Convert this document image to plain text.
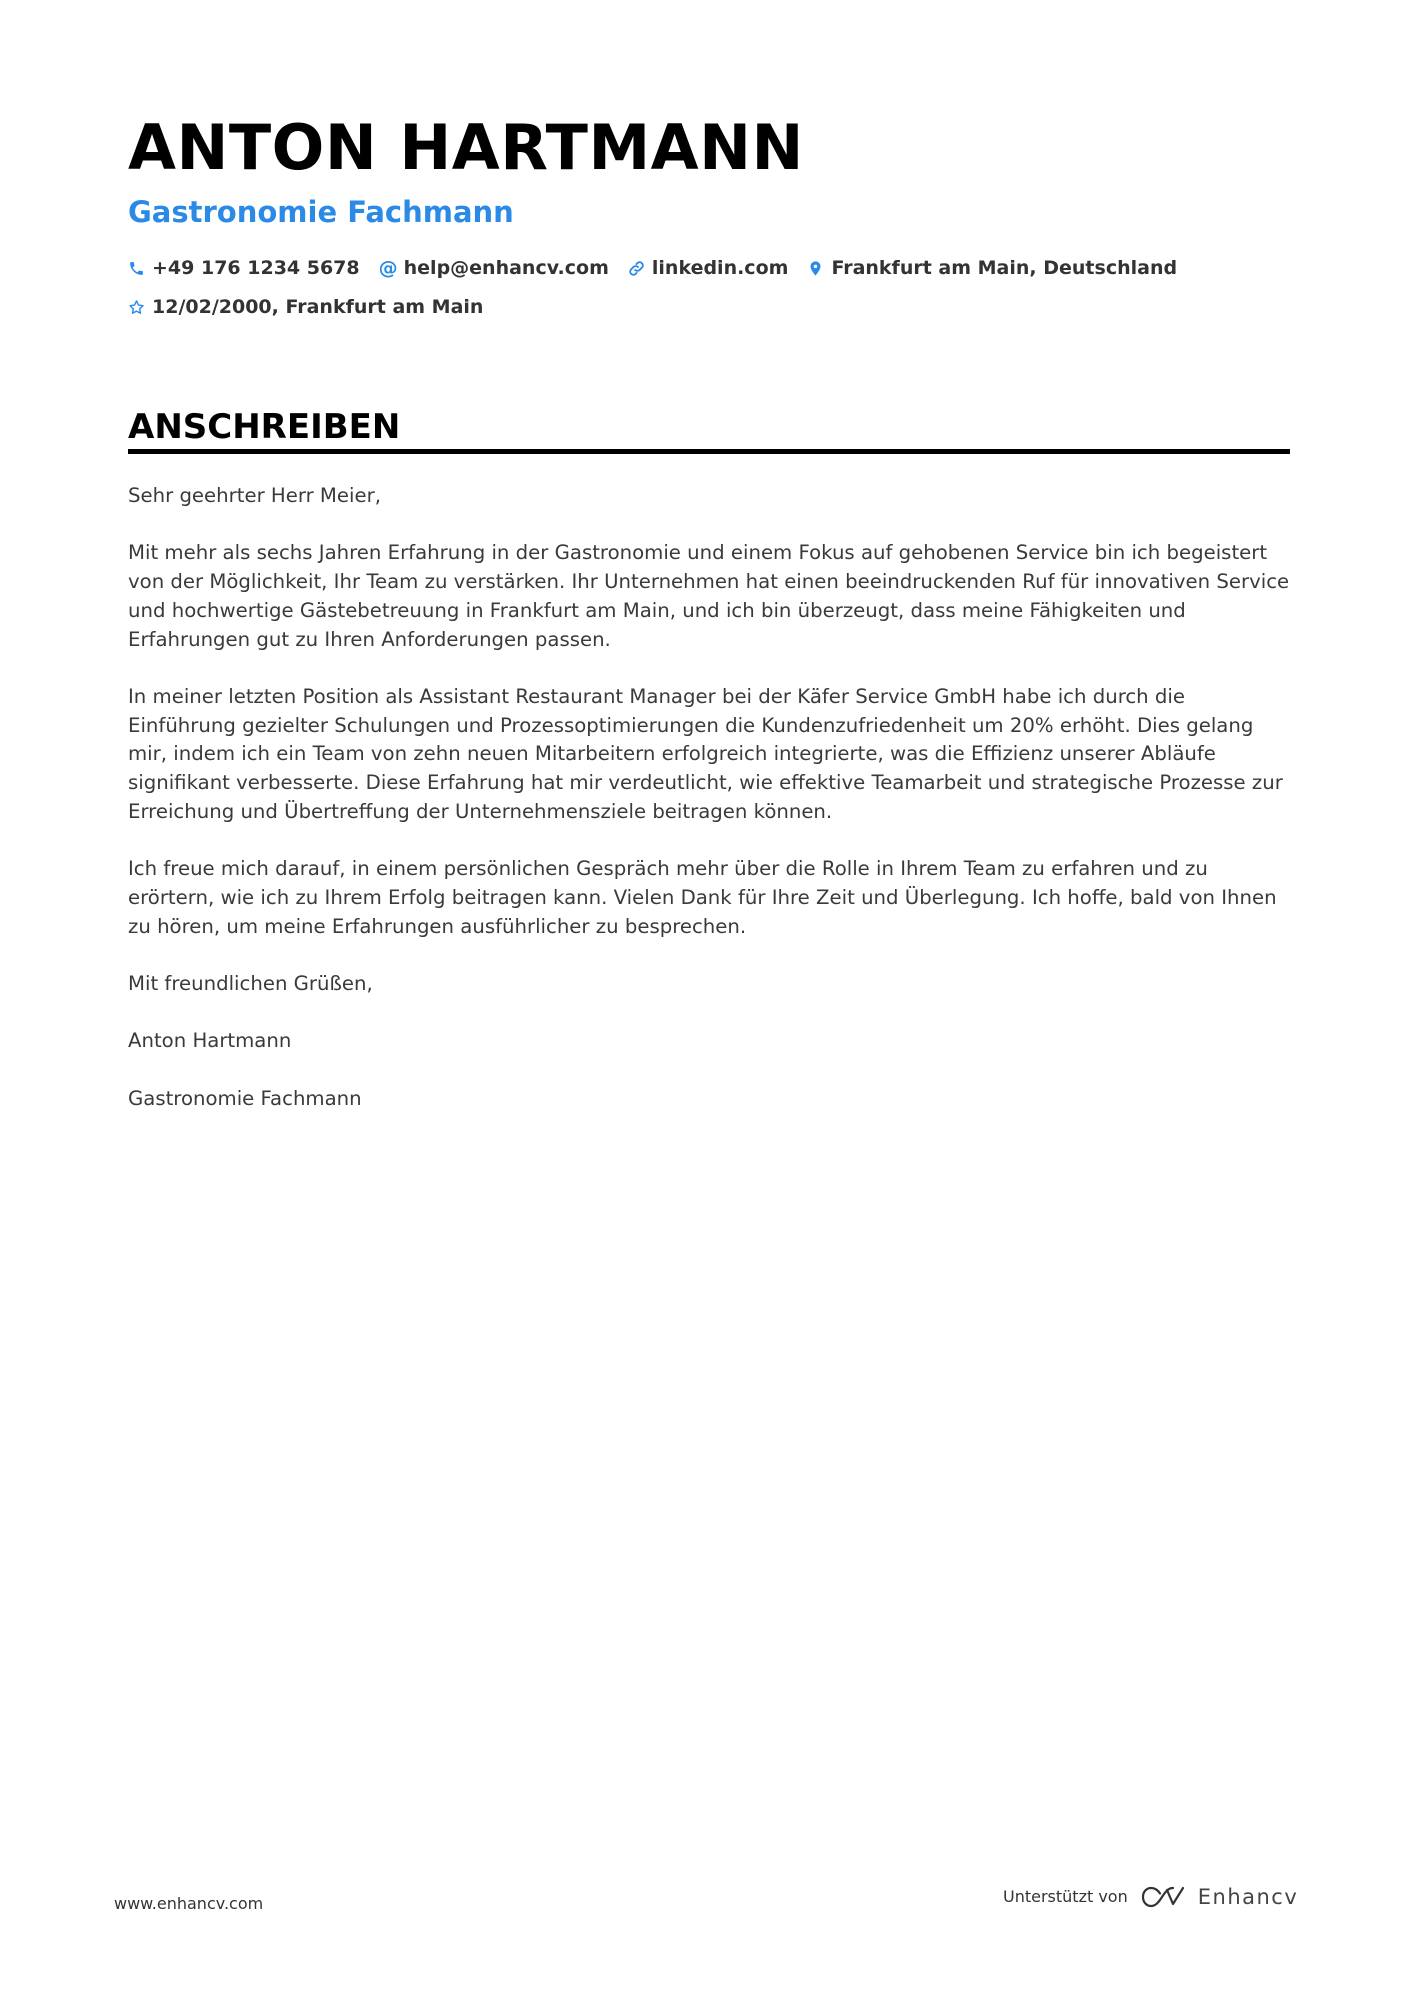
ANTON HARTMANN
Gastronomie Fachmann
+49 176 1234 5678 @ help@enhancv.com linkedin.com Frankfurt am Main, Deutschland
12/02/2000, Frankfurt am Main
ANSCHREIBEN

Sehr geehrter Herr Meier,

Mit mehr als sechs Jahren Erfahrung in der Gastronomie und einem Fokus auf gehobenen Service bin ich begeistert von der Möglichkeit, Ihr Team zu verstärken. Ihr Unternehmen hat einen beeindruckenden Ruf für innovativen Service und hochwertige Gästebetreuung in Frankfurt am Main, und ich bin überzeugt, dass meine Fähigkeiten und Erfahrungen gut zu Ihren Anforderungen passen.

In meiner letzten Position als Assistant Restaurant Manager bei der Käfer Service GmbH habe ich durch die Einführung gezielter Schulungen und Prozessoptimierungen die Kundenzufriedenheit um 20% erhöht. Dies gelang mir, indem ich ein Team von zehn neuen Mitarbeitern erfolgreich integrierte, was die Effizienz unserer Abläufe signifikant verbesserte. Diese Erfahrung hat mir verdeutlicht, wie effektive Teamarbeit und strategische Prozesse zur Erreichung und Übertreffung der Unternehmensziele beitragen können.

Ich freue mich darauf, in einem persönlichen Gespräch mehr über die Rolle in Ihrem Team zu erfahren und zu erörtern, wie ich zu Ihrem Erfolg beitragen kann. Vielen Dank für Ihre Zeit und Überlegung. Ich hoffe, bald von Ihnen zu hören, um meine Erfahrungen ausführlicher zu besprechen.

Mit freundlichen Grüßen,

Anton Hartmann

Gastronomie Fachmann

www.enhancv.com	Unterstützt von	Enhancv
